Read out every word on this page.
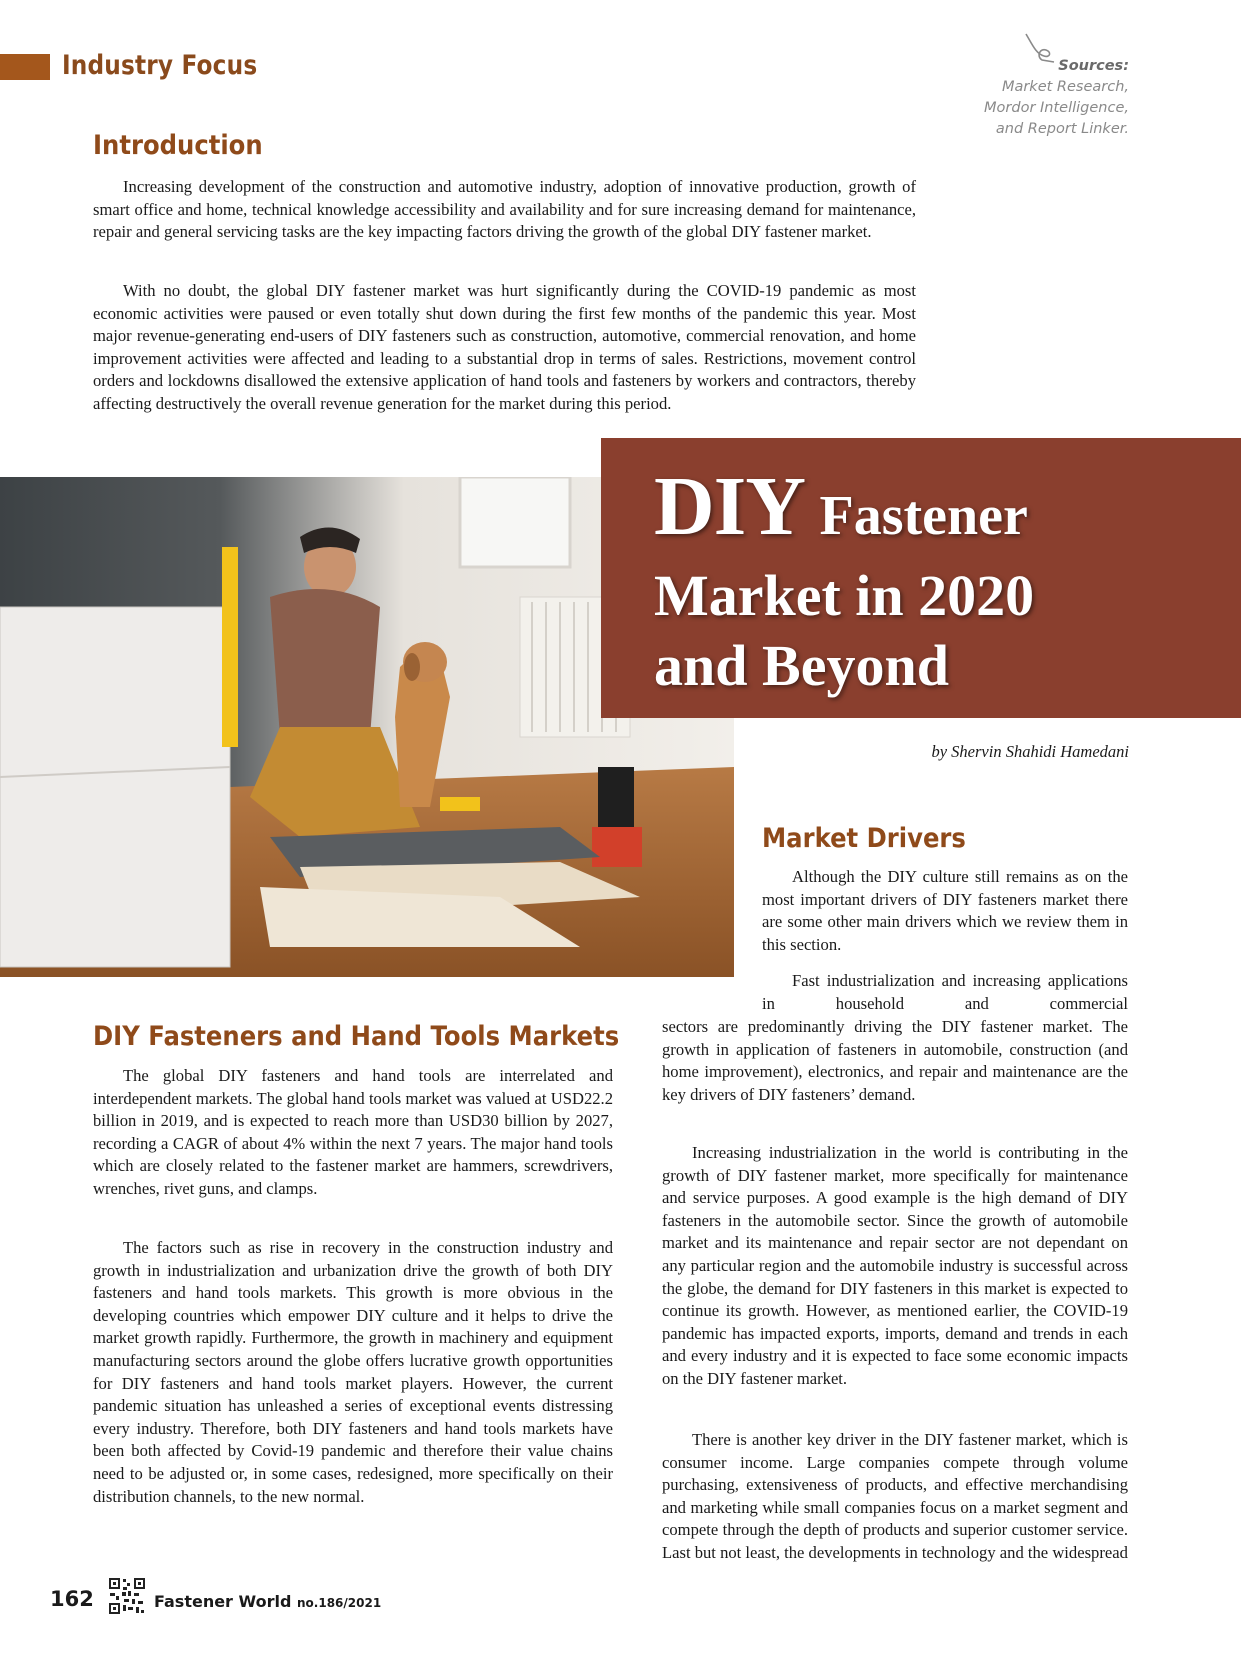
Industry Focus	Sources:
Market Research,
Mordor Intelligence,
and Report Linker.
Introduction

Increasing development of the construction and automotive industry, adoption of innovative production, growth of smart office and home, technical knowledge accessibility and availability and for sure increasing demand for maintenance, repair and general servicing tasks are the key impacting factors driving the growth of the global DIY fastener market.

With no doubt, the global DIY fastener market was hurt significantly during the COVID-19 pandemic as most economic activities were paused or even totally shut down during the first few months of the pandemic this year. Most major revenue-generating end-users of DIY fasteners such as construction, automotive, commercial renovation, and home improvement activities were affected and leading to a substantial drop in terms of sales. Restrictions, movement control orders and lockdowns disallowed the extensive application of hand tools and fasteners by workers and contractors, thereby affecting destructively the overall revenue generation for the market during this period.

DIY Fastener
Market in 2020
and Beyond
by Shervin Shahidi Hamedani
Market Drivers

Although the DIY culture still remains as on the most important drivers of DIY fasteners market there are some other main drivers which we review them in this section.

Fast industrialization and increasing applications in household and commercial

sectors are predominantly driving the DIY fastener market. The growth in application of fasteners in automobile, construction (and home improvement), electronics, and repair and maintenance are the key drivers of DIY fasteners’ demand.

Increasing industrialization in the world is contributing in the growth of DIY fastener market, more specifically for maintenance and service purposes. A good example is the high demand of DIY fasteners in the automobile sector. Since the growth of automobile market and its maintenance and repair sector are not dependant on any particular region and the automobile industry is successful across the globe, the demand for DIY fasteners in this market is expected to continue its growth. However, as mentioned earlier, the COVID-19 pandemic has impacted exports, imports, demand and trends in each and every industry and it is expected to face some economic impacts on the DIY fastener market.

There is another key driver in the DIY fastener market, which is consumer income. Large companies compete through volume purchasing, extensiveness of products, and effective merchandising and marketing while small companies focus on a market segment and compete through the depth of products and superior customer service. Last but not least, the developments in technology and the widespread

DIY Fasteners and Hand Tools Markets

The global DIY fasteners and hand tools are interrelated and interdependent markets. The global hand tools market was valued at USD22.2 billion in 2019, and is expected to reach more than USD30 billion by 2027, recording a CAGR of about 4% within the next 7 years. The major hand tools which are closely related to the fastener market are hammers, screwdrivers, wrenches, rivet guns, and clamps.

The factors such as rise in recovery in the construction industry and growth in industrialization and urbanization drive the growth of both DIY fasteners and hand tools markets. This growth is more obvious in the developing countries which empower DIY culture and it helps to drive the market growth rapidly. Furthermore, the growth in machinery and equipment manufacturing sectors around the globe offers lucrative growth opportunities for DIY fasteners and hand tools market players. However, the current pandemic situation has unleashed a series of exceptional events distressing every industry. Therefore, both DIY fasteners and hand tools markets have been both affected by Covid-19 pandemic and therefore their value chains need to be adjusted or, in some cases, redesigned, more specifically on their distribution channels, to the new normal.

162	Fastener World no.186/2021
